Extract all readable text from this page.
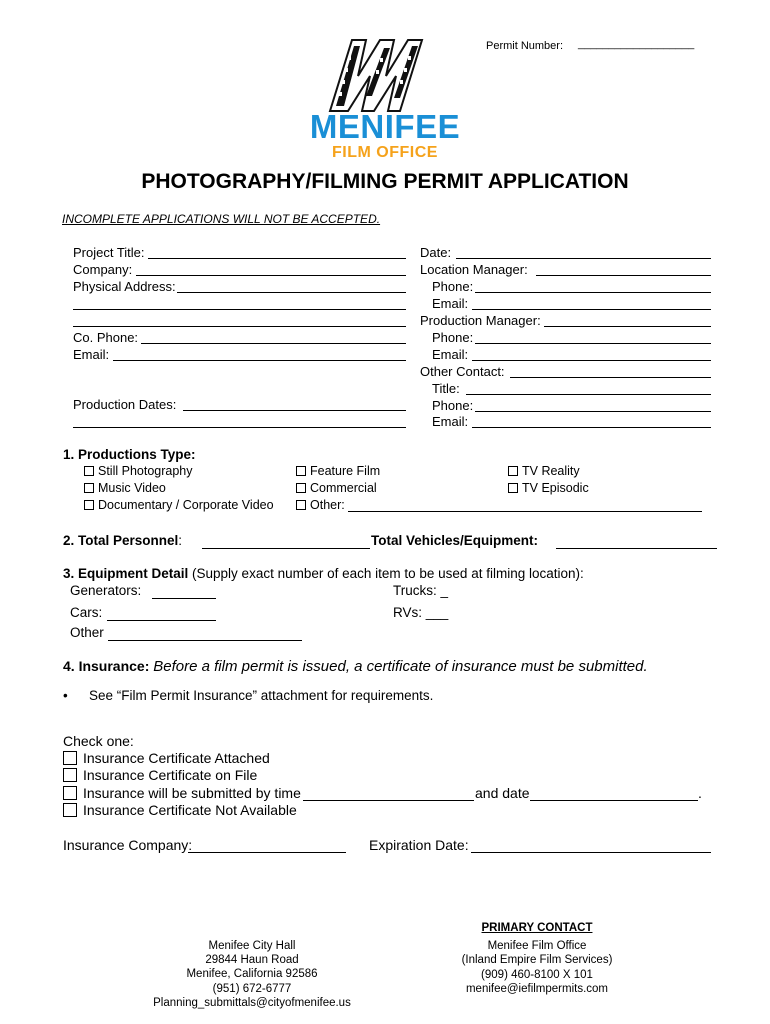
Permit Number: ___________________
MENIFEE
FILM OFFICE
PHOTOGRAPHY/FILMING PERMIT APPLICATION
INCOMPLETE APPLICATIONS WILL NOT BE ACCEPTED.
Project Title:
Company:
Physical Address:
Co. Phone:
Email:
Production Dates:
Date:
Location Manager:
Phone:
Email:
Production Manager:
Phone:
Email:
Other Contact:
Title:
Phone:
Email:
1. Productions Type:
Still Photography
Music Video
Documentary / Corporate Video
Feature Film
Commercial
Other:
TV Reality
TV Episodic
2. Total Personnel:	Total Vehicles/Equipment:
3. Equipment Detail (Supply exact number of each item to be used at filming location):
Generators:
Cars:
Other
Trucks: _
RVs: ___
4. Insurance: Before a film permit is issued, a certificate of insurance must be submitted.
• See “Film Permit Insurance” attachment for requirements.
Check one:
Insurance Certificate Attached
Insurance Certificate on File
Insurance will be submitted by time	and date	.
Insurance Certificate Not Available
Insurance Company:	Expiration Date:
Menifee City Hall
29844 Haun Road
Menifee, California 92586
(951) 672-6777
Planning_submittals@cityofmenifee.us
PRIMARY CONTACT
Menifee Film Office
(Inland Empire Film Services)
(909) 460-8100 X 101
menifee@iefilmpermits.com
